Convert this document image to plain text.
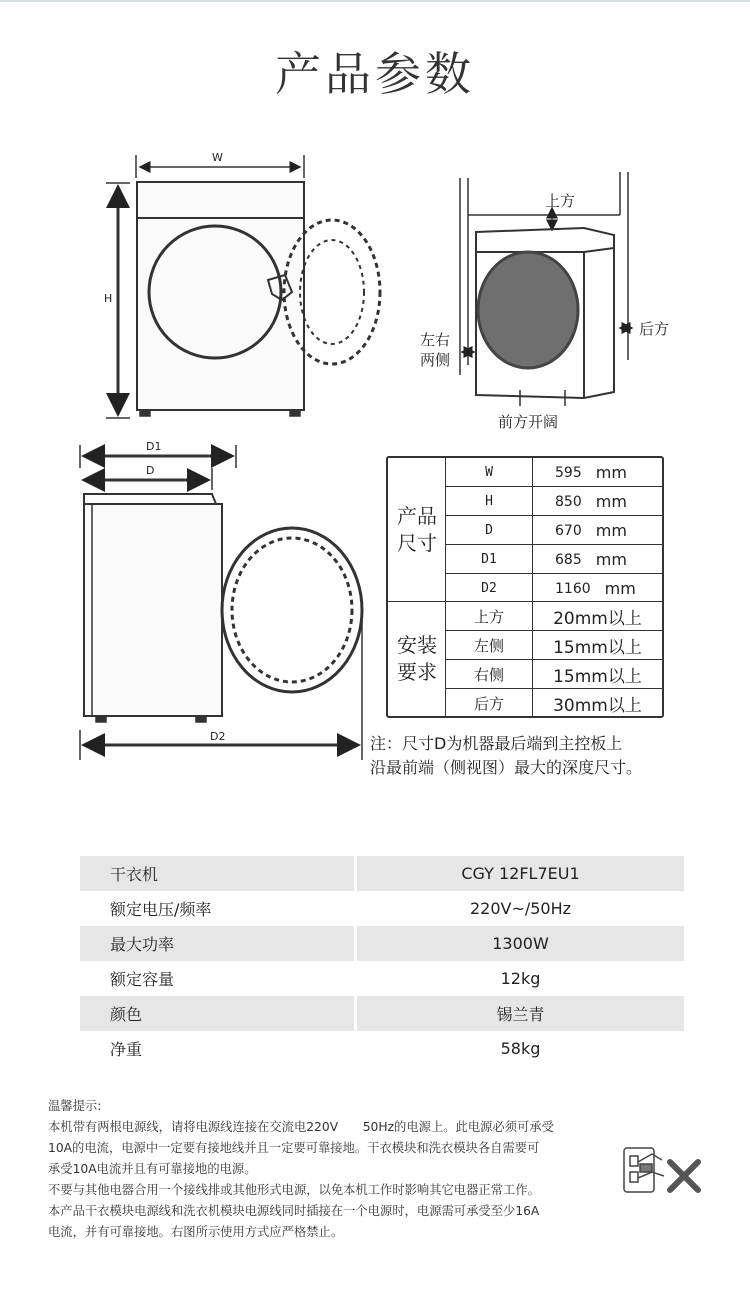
产品参数
W
H
上方
左右
两侧
后方
前方开阔
D1
D
D2
产品
尺寸
安装
要求
W	595 mm
H	850 mm
D	670 mm
D1	685 mm
D2	1160 mm
上方	20mm以上
左侧	15mm以上
右侧	15mm以上
后方	30mm以上
注：尺寸D为机器最后端到主控板上
沿最前端（侧视图）最大的深度尺寸。
干衣机	CGY 12FL7EU1
额定电压/频率	220V~/50Hz
最大功率	1300W
额定容量	12kg
颜色	锡兰青
净重	58kg

温馨提示:

本机带有两根电源线，请将电源线连接在交流电220V　　50Hz的电源上。此电源必须可承受

10A的电流，电源中一定要有接地线并且一定要可靠接地。干衣模块和洗衣模块各自需要可

承受10A电流并且有可靠接地的电源。

不要与其他电器合用一个接线排或其他形式电源，以免本机工作时影响其它电器正常工作。

本产品干衣模块电源线和洗衣机模块电源线同时插接在一个电源时，电源需可承受至少16A

电流，并有可靠接地。右图所示使用方式应严格禁止。
